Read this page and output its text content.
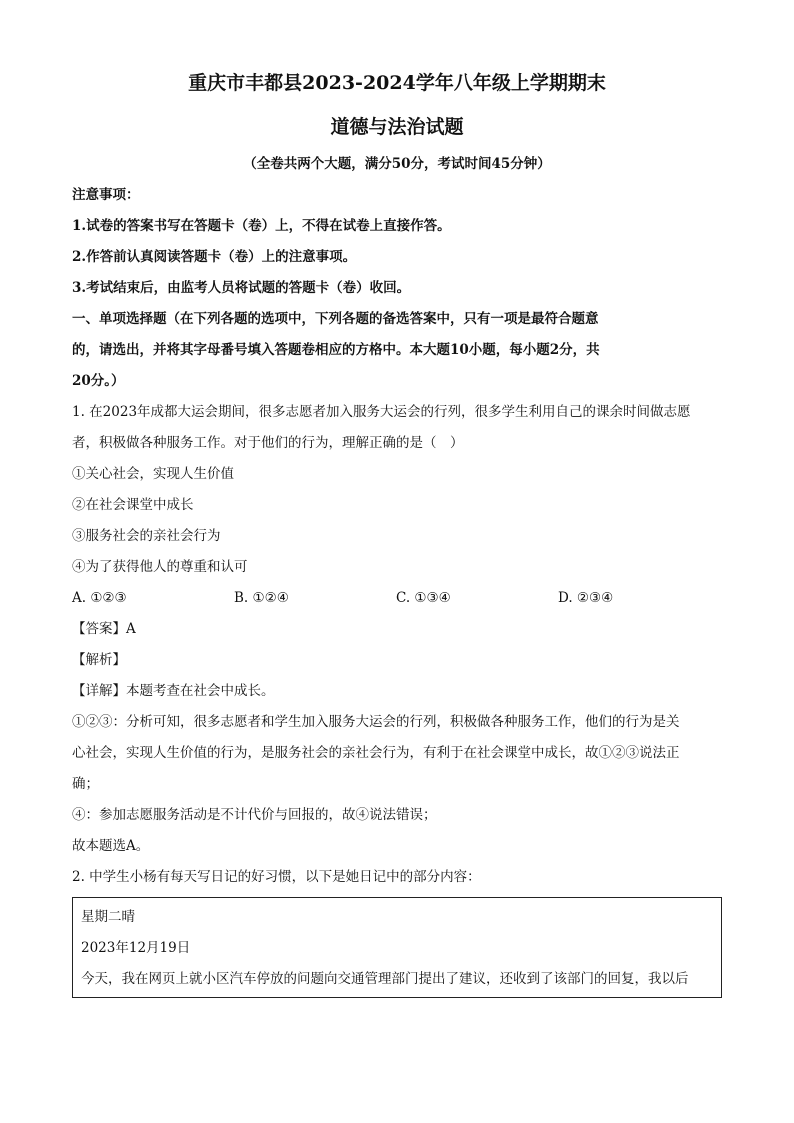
重庆市丰都县2023-2024学年八年级上学期期末
道德与法治试题
（全卷共两个大题，满分50分，考试时间45分钟）
注意事项：
1.试卷的答案书写在答题卡（卷）上，不得在试卷上直接作答。
2.作答前认真阅读答题卡（卷）上的注意事项。
3.考试结束后，由监考人员将试题的答题卡（卷）收回。
一、单项选择题（在下列各题的选项中，下列各题的备选答案中，只有一项是最符合题意
的，请选出，并将其字母番号填入答题卷相应的方格中。本大题10小题，每小题2分，共
20分。）
1. 在2023年成都大运会期间，很多志愿者加入服务大运会的行列，很多学生利用自己的课余时间做志愿
者，积极做各种服务工作。对于他们的行为，理解正确的是（　）
①关心社会，实现人生价值
②在社会课堂中成长
③服务社会的亲社会行为
④为了获得他人的尊重和认可
A. ①②③	B. ①②④	C. ①③④	D. ②③④
【答案】A
【解析】
【详解】本题考查在社会中成长。
①②③：分析可知，很多志愿者和学生加入服务大运会的行列，积极做各种服务工作，他们的行为是关
心社会，实现人生价值的行为，是服务社会的亲社会行为，有利于在社会课堂中成长，故①②③说法正
确；
④：参加志愿服务活动是不计代价与回报的，故④说法错误；
故本题选A。
2. 中学生小杨有每天写日记的好习惯，以下是她日记中的部分内容：
星期二晴
2023年12月19日
今天，我在网页上就小区汽车停放的问题向交通管理部门提出了建议，还收到了该部门的回复，我以后
